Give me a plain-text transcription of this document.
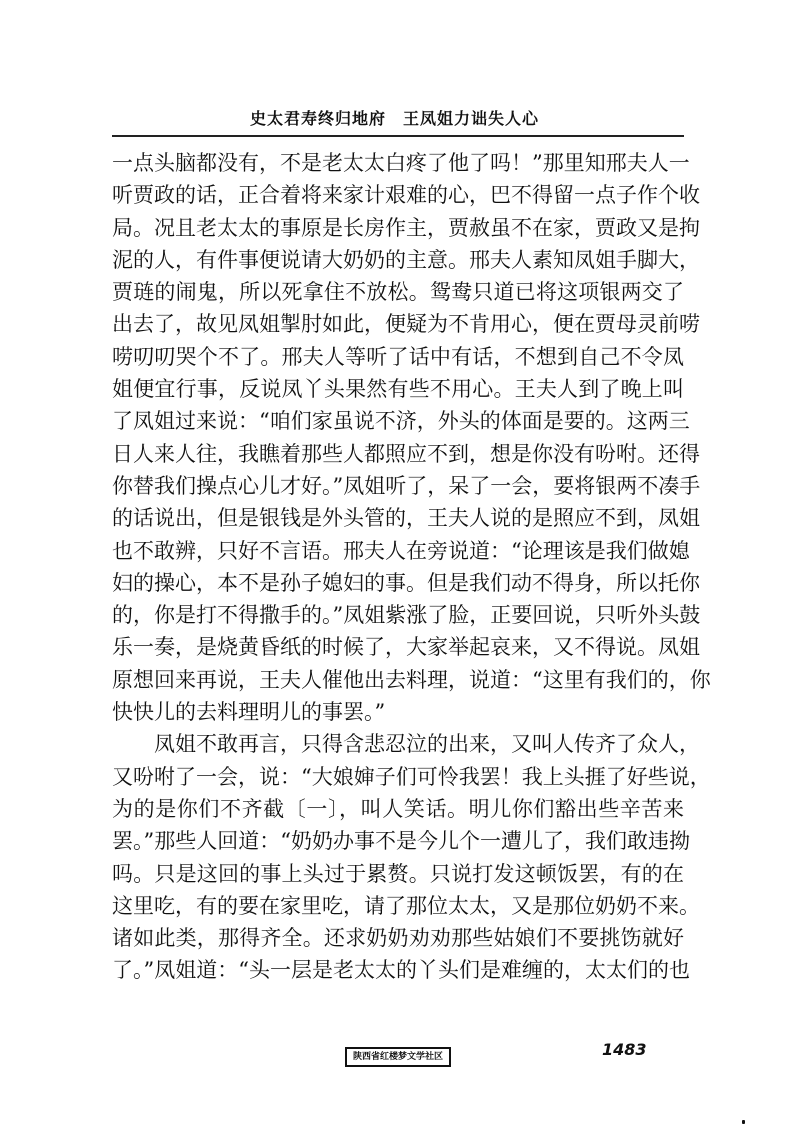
史太君寿终归地府　王凤姐力诎失人心
一点头脑都没有，不是老太太白疼了他了吗！”那里知邢夫人一
听贾政的话，正合着将来家计艰难的心，巴不得留一点子作个收
局。况且老太太的事原是长房作主，贾赦虽不在家，贾政又是拘
泥的人，有件事便说请大奶奶的主意。邢夫人素知凤姐手脚大，
贾琏的闹鬼，所以死拿住不放松。鸳鸯只道已将这项银两交了
出去了，故见凤姐掣肘如此，便疑为不肯用心，便在贾母灵前唠
唠叨叨哭个不了。邢夫人等听了话中有话，不想到自己不令凤
姐便宜行事，反说凤丫头果然有些不用心。王夫人到了晚上叫
了凤姐过来说：“咱们家虽说不济，外头的体面是要的。这两三
日人来人往，我瞧着那些人都照应不到，想是你没有吩咐。还得
你替我们操点心儿才好。”凤姐听了，呆了一会，要将银两不凑手
的话说出，但是银钱是外头管的，王夫人说的是照应不到，凤姐
也不敢辨，只好不言语。邢夫人在旁说道：“论理该是我们做媳
妇的操心，本不是孙子媳妇的事。但是我们动不得身，所以托你
的，你是打不得撒手的。”凤姐紫涨了脸，正要回说，只听外头鼓
乐一奏，是烧黄昏纸的时候了，大家举起哀来，又不得说。凤姐
原想回来再说，王夫人催他出去料理，说道：“这里有我们的，你
快快儿的去料理明儿的事罢。”
凤姐不敢再言，只得含悲忍泣的出来，又叫人传齐了众人，
又吩咐了一会，说：“大娘婶子们可怜我罢！我上头捱了好些说，
为的是你们不齐截〔一〕，叫人笑话。明儿你们豁出些辛苦来
罢。”那些人回道：“奶奶办事不是今儿个一遭儿了，我们敢违拗
吗。只是这回的事上头过于累赘。只说打发这顿饭罢，有的在
这里吃，有的要在家里吃，请了那位太太，又是那位奶奶不来。
诸如此类，那得齐全。还求奶奶劝劝那些姑娘们不要挑饬就好
了。”凤姐道：“头一层是老太太的丫头们是难缠的，太太们的也
陕西省红楼梦文学社区	1483
